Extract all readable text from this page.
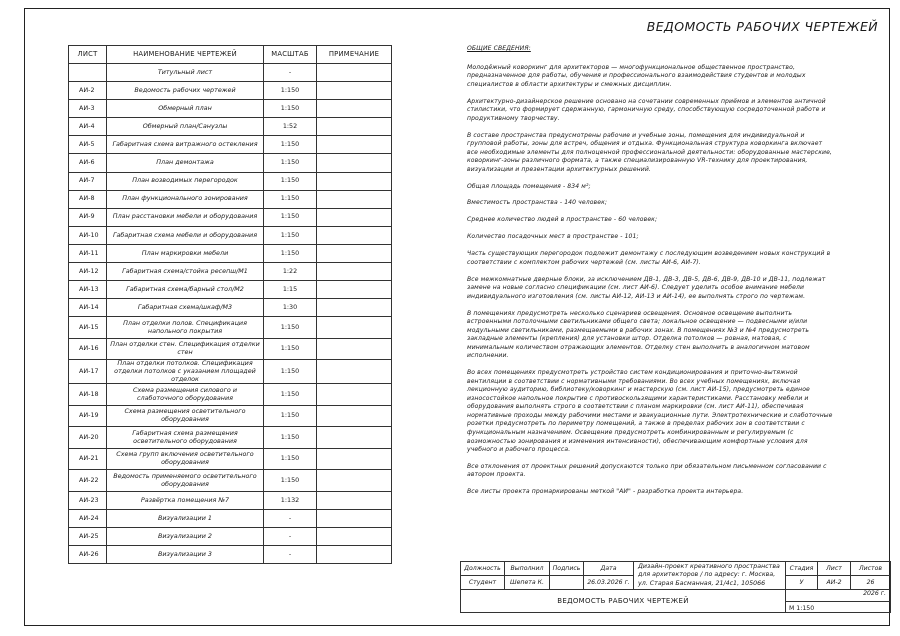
ВЕДОМОСТЬ РАБОЧИХ ЧЕРТЕЖЕЙ
ЛИСТ	НАИМЕНОВАНИЕ ЧЕРТЕЖЕЙ	МАСШТАБ	ПРИМЕЧАНИЕ
	Титульный лист	-	
АИ-2	Ведомость рабочих чертежей	1:150	
АИ-3	Обмерный план	1:150	
АИ-4	Обмерный план/Санузлы	1:52	
АИ-5	Габаритная схема витражного остекления	1:150	
АИ-6	План демонтажа	1:150	
АИ-7	План возводимых перегородок	1:150	
АИ-8	План функционального зонирования	1:150	
АИ-9	План расстановки мебели и оборудования	1:150	
АИ-10	Габаритная схема мебели и оборудования	1:150	
АИ-11	План маркировки мебели	1:150	
АИ-12	Габаритная схема/стойка ресепш/М1	1:22	
АИ-13	Габаритная схема/барный стол/М2	1:15	
АИ-14	Габаритная схема/шкаф/М3	1:30	
АИ-15	План отделки полов. Спецификация напольного покрытия	1:150	
АИ-16	План отделки стен. Спецификация отделки стен	1:150	
АИ-17	План отделки потолков. Спецификация отделки потолков с указанием площадей отделок	1:150	
АИ-18	Схема размещения силового и слаботочного оборудования	1:150	
АИ-19	Схема размещения осветительного оборудования	1:150	
АИ-20	Габаритная схема размещения осветительного оборудования	1:150	
АИ-21	Схема групп включения осветительного оборудования	1:150	
АИ-22	Ведомость применяемого осветительного оборудования	1:150	
АИ-23	Развёртка помещения №7	1:132	
АИ-24	Визуализации 1	-	
АИ-25	Визуализации 2	-	
АИ-26	Визуализации 3	-	
ОБЩИЕ СВЕДЕНИЯ:

Молодёжный коворкинг для архитекторов — многофункциональное общественное пространство, предназначенное для работы, обучения и профессионального взаимодействия студентов и молодых специалистов в области архитектуры и смежных дисциплин.

Архитектурно-дизайнерское решение основано на сочетании современных приёмов и элементов античной стилистики, что формирует сдержанную, гармоничную среду, способствующую сосредоточенной работе и продуктивному творчеству.

В составе пространства предусмотрены рабочие и учебные зоны, помещения для индивидуальной и групповой работы, зоны для встреч, общения и отдыха. Функциональная структура коворкинга включает все необходимые элементы для полноценной профессиональной деятельности: оборудованные мастерские, коворкинг-зоны различного формата, а также специализированную VR-технику для проектирования, визуализации и презентации архитектурных решений.

Общая площадь помещения - 834 м²;

Вместимость пространства - 140 человек;

Среднее количество людей в пространстве - 60 человек;

Количество посадочных мест в пространстве - 101;

Часть существующих перегородок подлежит демонтажу с последующим возведением новых конструкций в соответствии с комплектом рабочих чертежей (см. листы АИ-6, АИ-7).

Все межкомнатные дверные блоки, за исключением ДВ-1, ДВ-3, ДВ-5, ДВ-6, ДВ-9, ДВ-10 и ДВ-11, подлежат замене на новые согласно спецификации (см. лист АИ-6). Следует уделить особое внимание мебели индивидуального изготовления (см. листы АИ-12, АИ-13 и АИ-14), ее выполнять строго по чертежам.

В помещениях предусмотреть несколько сценариев освещения. Основное освещение выполнить встроенными потолочными светильниками общего света; локальное освещение — подвесными и/или модульными светильниками, размещаемыми в рабочих зонах. В помещениях №3 и №4 предусмотреть закладные элементы (крепления) для установки штор. Отделка потолков — ровная, матовая, с минимальным количеством отражающих элементов. Отделку стен выполнить в аналогичном матовом исполнении.

Во всех помещениях предусмотреть устройство систем кондиционирования и приточно-вытяжной вентиляции в соответствии с нормативными требованиями. Во всех учебных помещениях, включая лекционную аудиторию, библиотеку/коворкинг и мастерскую (см. лист АИ-15), предусмотреть единое износостойкое напольное покрытие с противоскользящими характеристиками. Расстановку мебели и оборудования выполнять строго в соответствии с планом маркировки (см. лист АИ-11), обеспечивая нормативные проходы между рабочими местами и эвакуационные пути. Электротехнические и слаботочные розетки предусмотреть по периметру помещений, а также в пределах рабочих зон в соответствии с функциональным назначением. Освещение предусмотреть комбинированным и регулируемым (с возможностью зонирования и изменения интенсивности), обеспечивающим комфортные условия для учебного и рабочего процесса.

Все отклонения от проектных решений допускаются только при обязательном письменном согласовании с автором проекта.

Все листы проекта промаркированы меткой "АИ" - разработка проекта интерьера.

Должность	Выполнил	Подпись	Дата	Дизайн-проект креативного пространства для архитекторов / по адресу: г. Москва, ул. Старая Басманная, 21/4с1, 105066	Стадия	Лист	Листов
Студент	Шепета К.		26.03.2026 г.		У	АИ-2	26
ВЕДОМОСТЬ РАБОЧИХ ЧЕРТЕЖЕЙ					2026 г.		
					М 1:150		
